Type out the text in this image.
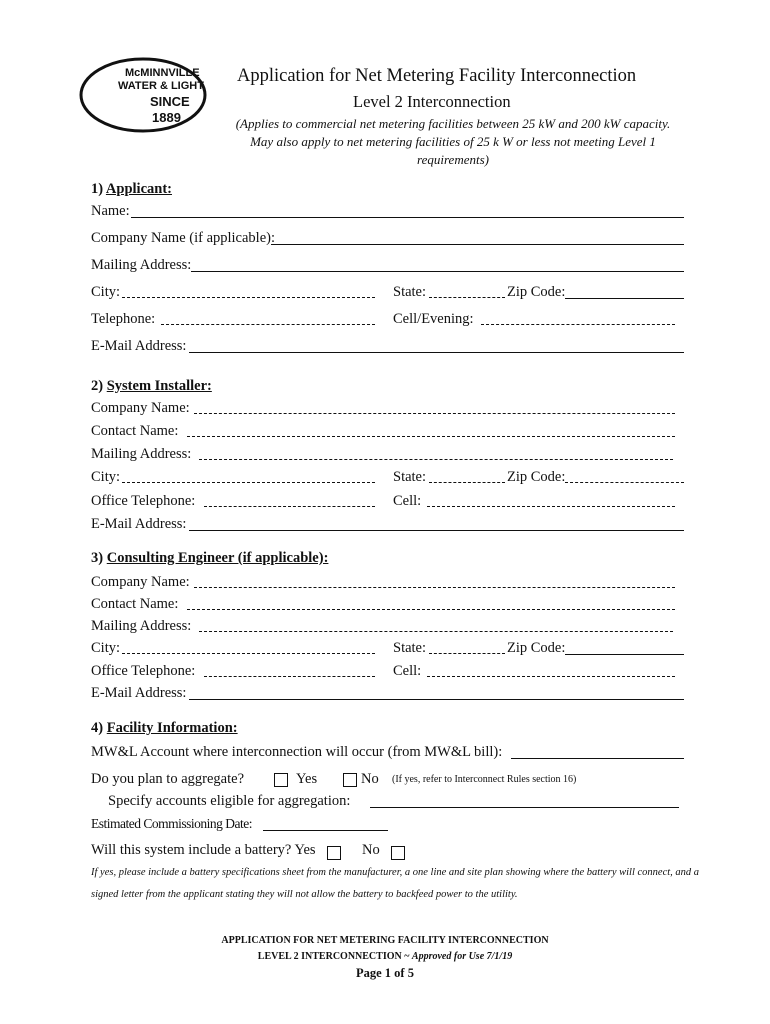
McMINNVILLE
WATER & LIGHT
SINCE
1889
Application for Net Metering Facility Interconnection
Level 2 Interconnection
(Applies to commercial net metering facilities between 25 kW and 200 kW capacity. May also apply to net metering facilities of 25 k W or less not meeting Level 1 requirements)
1) Applicant:
Name:
Company Name (if applicable):
Mailing Address:
City:	State:	Zip Code:
Telephone:	Cell/Evening:
E-Mail Address:
2) System Installer:
Company Name:
Contact Name:
Mailing Address:
City:	State:	Zip Code:
Office Telephone:	Cell:
E-Mail Address:
3) Consulting Engineer (if applicable):
Company Name:
Contact Name:
Mailing Address:
City:	State:	Zip Code:
Office Telephone:	Cell:
E-Mail Address:
4) Facility Information:
MW&L Account where interconnection will occur (from MW&L bill):
Do you plan to aggregate?	Yes	No (If yes, refer to Interconnect Rules section 16)
Specify accounts eligible for aggregation:
Estimated Commissioning Date:
Will this system include a battery? Yes	No
If yes, please include a battery specifications sheet from the manufacturer, a one line and site plan showing where the battery will connect, and a signed letter from the applicant stating they will not allow the battery to backfeed power to the utility.
APPLICATION FOR NET METERING FACILITY INTERCONNECTION
LEVEL 2 INTERCONNECTION ~ Approved for Use 7/1/19
Page 1 of 5
